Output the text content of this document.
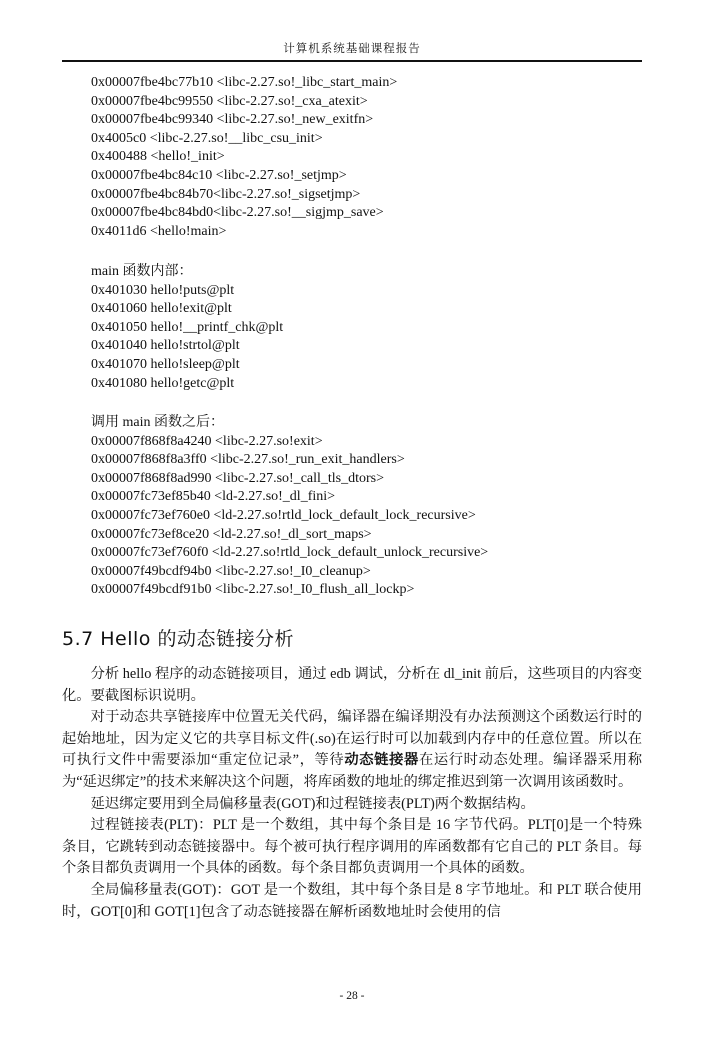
计算机系统基础课程报告
0x00007fbe4bc77b10 <libc-2.27.so!_libc_start_main>
0x00007fbe4bc99550 <libc-2.27.so!_cxa_atexit>
0x00007fbe4bc99340 <libc-2.27.so!_new_exitfn>
0x4005c0 <libc-2.27.so!__libc_csu_init>
0x400488 <hello!_init>
0x00007fbe4bc84c10 <libc-2.27.so!_setjmp>
0x00007fbe4bc84b70<libc-2.27.so!_sigsetjmp>
0x00007fbe4bc84bd0<libc-2.27.so!__sigjmp_save>
0x4011d6 <hello!main>
main 函数内部：
0x401030 hello!puts@plt
0x401060 hello!exit@plt
0x401050 hello!__printf_chk@plt
0x401040 hello!strtol@plt
0x401070 hello!sleep@plt
0x401080 hello!getc@plt
调用 main 函数之后：
0x00007f868f8a4240 <libc-2.27.so!exit>
0x00007f868f8a3ff0 <libc-2.27.so!_run_exit_handlers>
0x00007f868f8ad990 <libc-2.27.so!_call_tls_dtors>
0x00007fc73ef85b40 <ld-2.27.so!_dl_fini>
0x00007fc73ef760e0 <ld-2.27.so!rtld_lock_default_lock_recursive>
0x00007fc73ef8ce20 <ld-2.27.so!_dl_sort_maps>
0x00007fc73ef760f0 <ld-2.27.so!rtld_lock_default_unlock_recursive>
0x00007f49bcdf94b0 <libc-2.27.so!_I0_cleanup>
0x00007f49bcdf91b0 <libc-2.27.so!_I0_flush_all_lockp>
5.7 Hello 的动态链接分析

分析 hello 程序的动态链接项目，通过 edb 调试，分析在 dl_init 前后，这些项目的内容变化。要截图标识说明。

对于动态共享链接库中位置无关代码，编译器在编译期没有办法预测这个函数运行时的起始地址，因为定义它的共享目标文件(.so)在运行时可以加载到内存中的任意位置。所以在可执行文件中需要添加“重定位记录”，等待动态链接器在运行时动态处理。编译器采用称为“延迟绑定”的技术来解决这个问题，将库函数的地址的绑定推迟到第一次调用该函数时。

延迟绑定要用到全局偏移量表(GOT)和过程链接表(PLT)两个数据结构。

过程链接表(PLT)：PLT 是一个数组，其中每个条目是 16 字节代码。PLT[0]是一个特殊条目，它跳转到动态链接器中。每个被可执行程序调用的库函数都有它自己的 PLT 条目。每个条目都负责调用一个具体的函数。每个条目都负责调用一个具体的函数。

全局偏移量表(GOT)：GOT 是一个数组，其中每个条目是 8 字节地址。和 PLT 联合使用时，GOT[0]和 GOT[1]包含了动态链接器在解析函数地址时会使用的信

- 28 -
